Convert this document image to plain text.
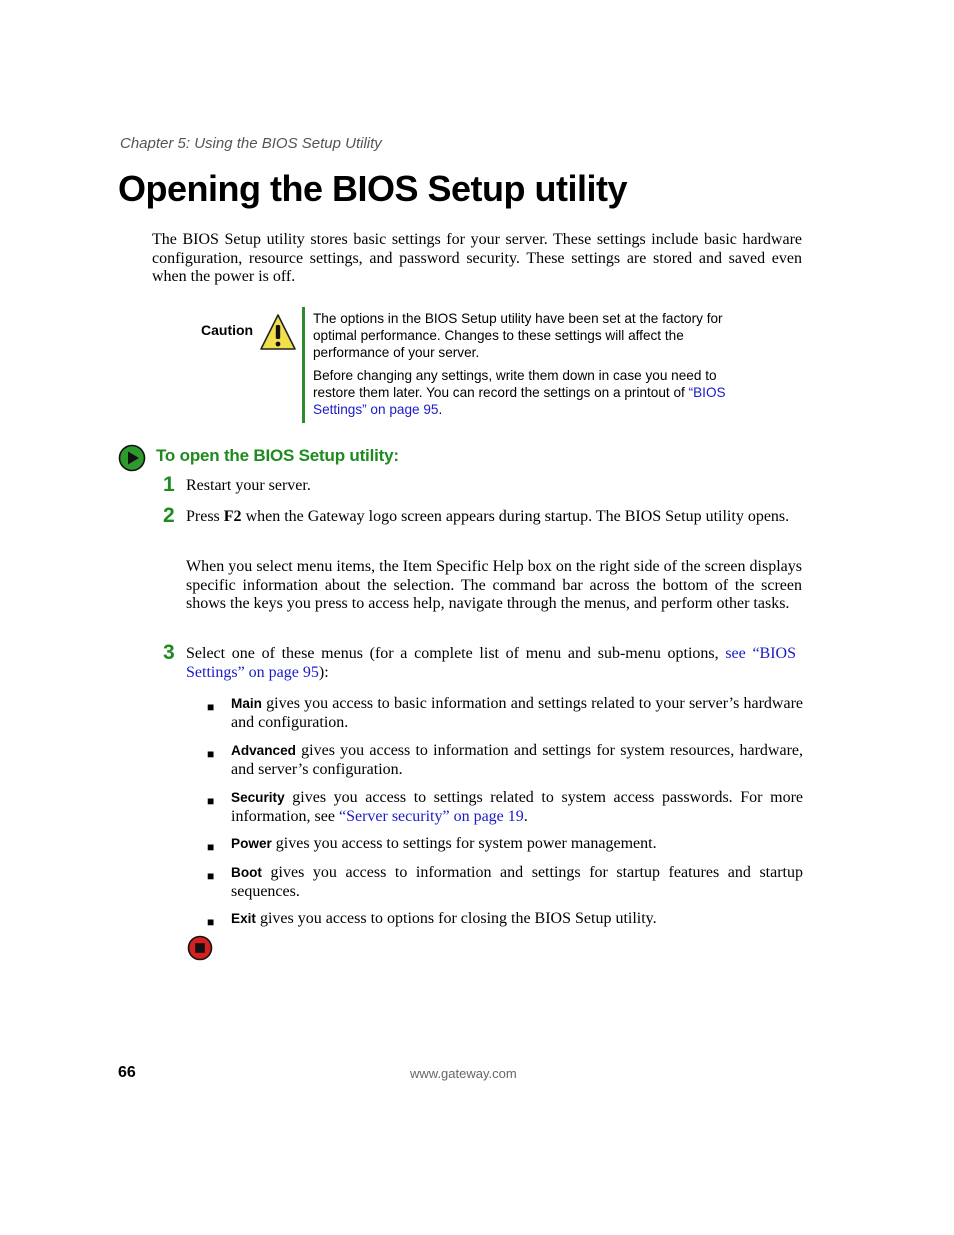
Chapter 5: Using the BIOS Setup Utility
Opening the BIOS Setup utility
The BIOS Setup utility stores basic settings for your server. These settings include basic hardware configuration, resource settings, and password security. These settings are stored and saved even when the power is off.
Caution
The options in the BIOS Setup utility have been set at the factory for optimal performance. Changes to these settings will affect the performance of your server.
Before changing any settings, write them down in case you need to restore them later. You can record the settings on a printout of “BIOS Settings” on page 95.
To open the BIOS Setup utility:
1 Restart your server.
2 Press F2 when the Gateway logo screen appears during startup. The BIOS Setup utility opens.
When you select menu items, the Item Specific Help box on the right side of the screen displays specific information about the selection. The command bar across the bottom of the screen shows the keys you press to access help, navigate through the menus, and perform other tasks.
3 Select one of these menus (for a complete list of menu and sub-menu options, see “BIOS Settings” on page 95):
■ Main gives you access to basic information and settings related to your server’s hardware and configuration.
■ Advanced gives you access to information and settings for system resources, hardware, and server’s configuration.
■ Security gives you access to settings related to system access passwords. For more information, see “Server security” on page 19.
■ Power gives you access to settings for system power management.
■ Boot gives you access to information and settings for startup features and startup sequences.
■ Exit gives you access to options for closing the BIOS Setup utility.
66	www.gateway.com
